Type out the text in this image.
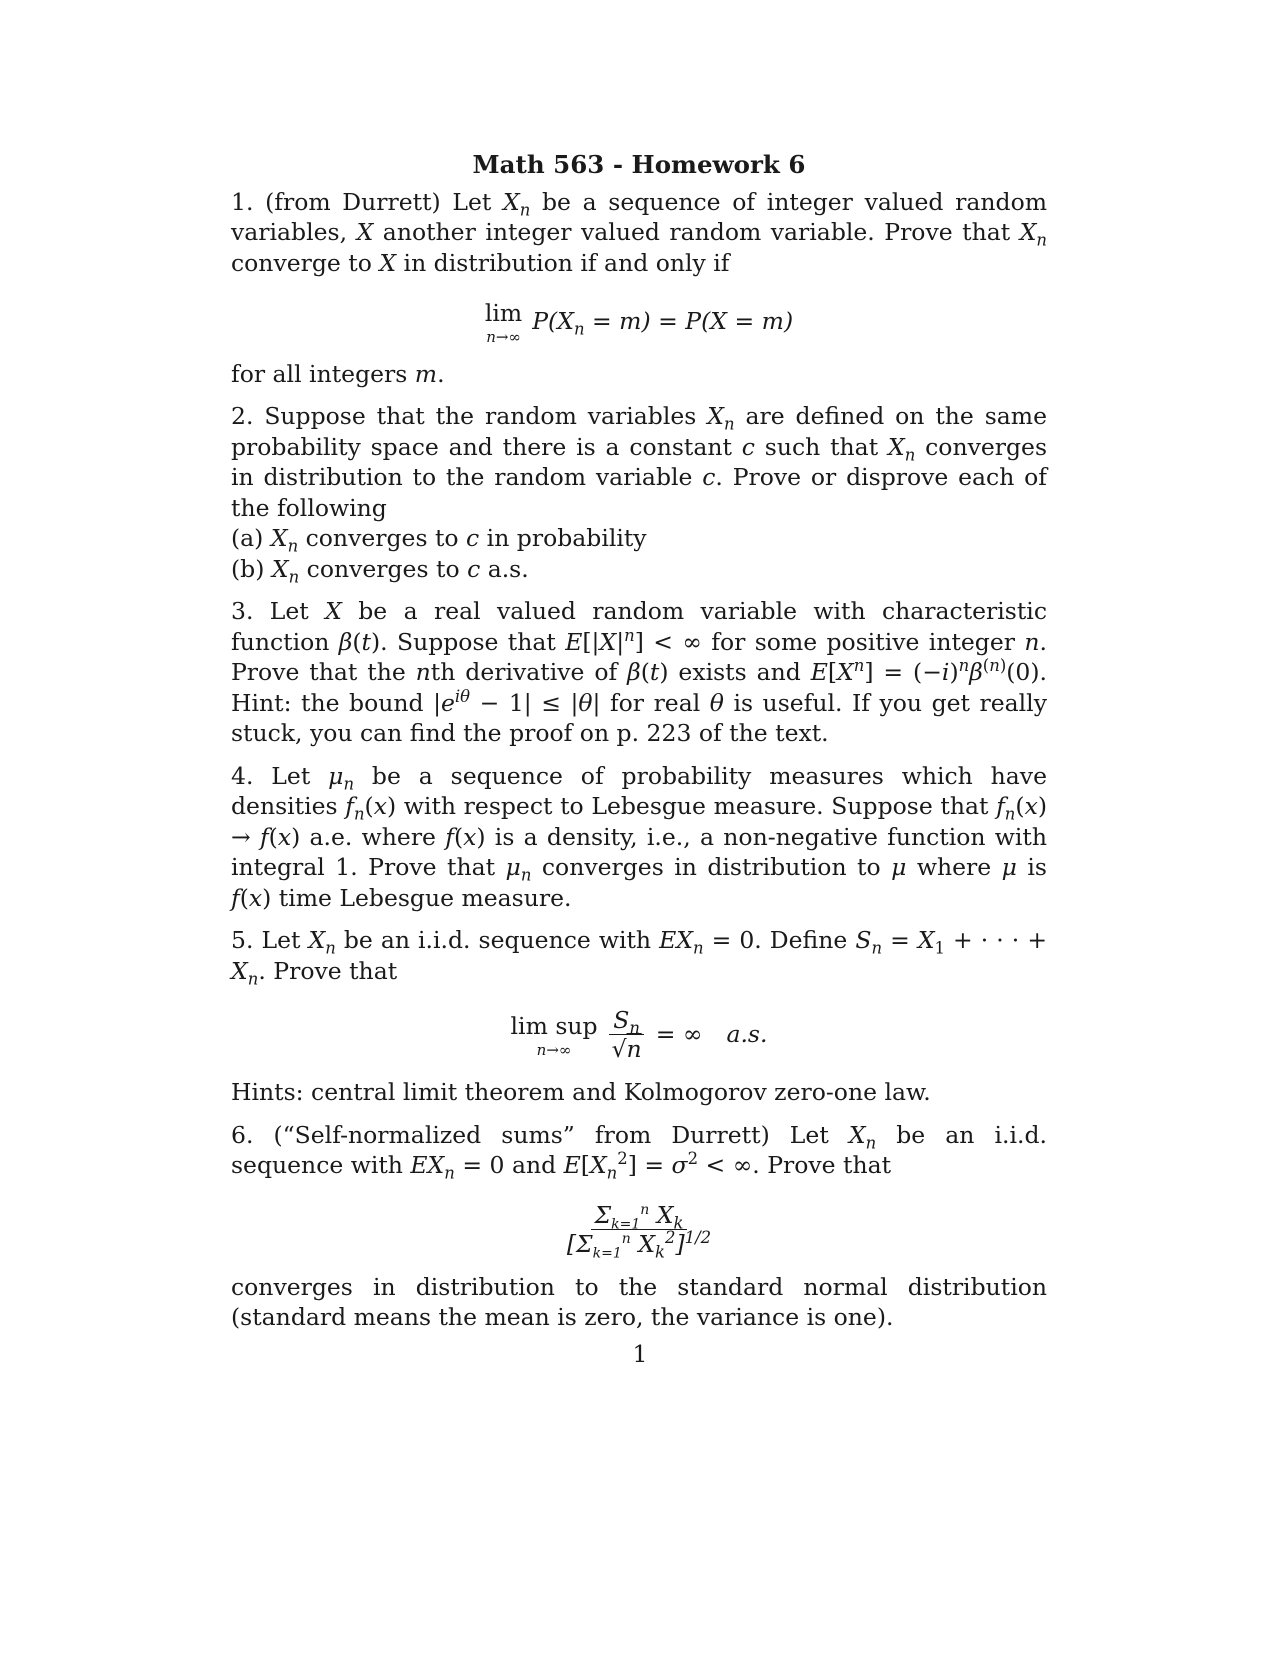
Math 563 - Homework 6

1. (from Durrett) Let $X_n$ be a sequence of integer valued random variables, X another integer valued random variable. Prove that $X_n$ converge to X in distribution if and only if

lim
n→∞
$P(X_n = m) = P(X = m)$

for all integers m.

2. Suppose that the random variables $X_n$ are defined on the same probability space and there is a constant c such that $X_n$ converges in distribution to the random variable c. Prove or disprove each of the following

(a) $X_n$ converges to c in probability

(b) $X_n$ converges to c a.s.

3. Let X be a real valued random variable with characteristic function β(t). Suppose that $E[|X|^n]$ < ∞ for some positive integer n. Prove that the nth derivative of β(t) exists and $E[X^n] = (-i)^n\beta^{(n)}(0)$. Hint: the bound $|e^{i\theta} - 1| \le |\theta|$ for real θ is useful. If you get really stuck, you can find the proof on p. 223 of the text.

4. Let $\mu_n$ be a sequence of probability measures which have densities $f_n(x)$ with respect to Lebesgue measure. Suppose that $f_n(x) \to f(x)$ a.e. where f(x) is a density, i.e., a non-negative function with integral 1. Prove that $\mu_n$ converges in distribution to μ where μ is f(x) time Lebesgue measure.

5. Let $X_n$ be an i.i.d. sequence with $EX_n = 0$. Define $S_n = X_1$ + · · · + $X_n$. Prove that

lim sup
$n\to\infty \frac{S_n}{√n}$ = ∞ a.s.

Hints: central limit theorem and Kolmogorov zero-one law.

6. (“Self-normalized sums” from Durrett) Let $X_n$ be an i.i.d. sequence with $EX_n = 0$ and $E[X_n^2] = \sigma^2$ < ∞. Prove that

$\frac{\Sigma_{k=1}^n X_k}{[\Sigma_{k=1}^n X_k^2]^{1/2}}$

converges in distribution to the standard normal distribution (standard means the mean is zero, the variance is one).

1
